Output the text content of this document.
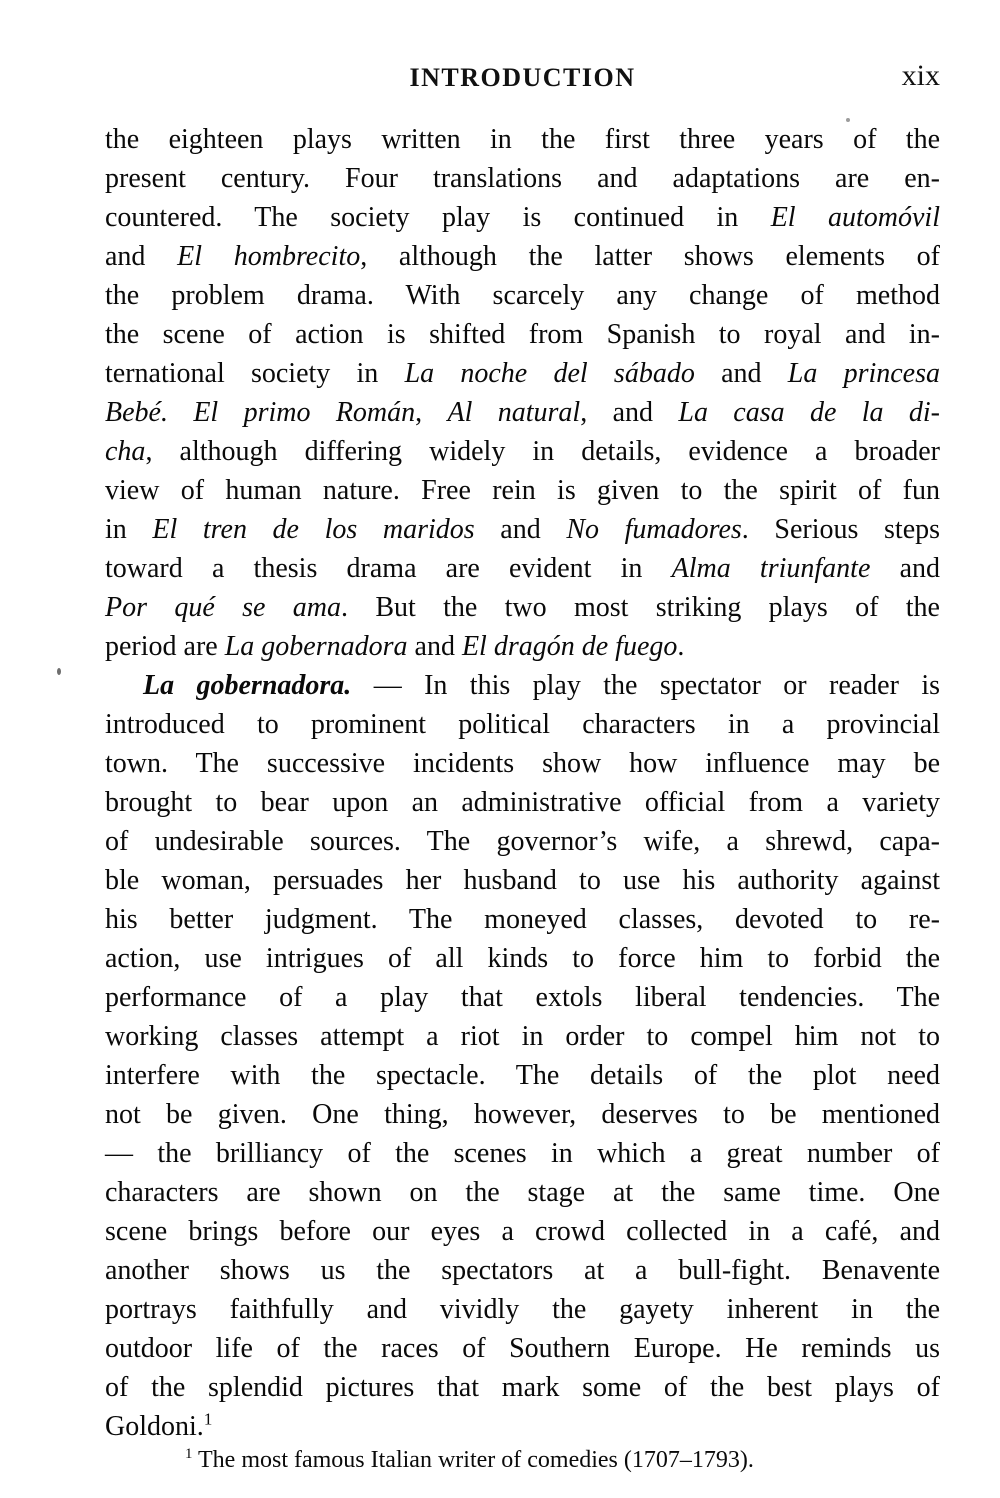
INTRODUCTION	xix
the eighteen plays written in the first three years of the
present century. Four translations and adaptations are en-
countered. The society play is continued in El automóvil
and El hombrecito, although the latter shows elements of
the problem drama. With scarcely any change of method
the scene of action is shifted from Spanish to royal and in-
ternational society in La noche del sábado and La princesa
Bebé. El primo Román, Al natural, and La casa de la di-
cha, although differing widely in details, evidence a broader
view of human nature. Free rein is given to the spirit of fun
in El tren de los maridos and No fumadores. Serious steps
toward a thesis drama are evident in Alma triunfante and
Por qué se ama. But the two most striking plays of the
period are La gobernadora and El dragón de fuego.
La gobernadora. — In this play the spectator or reader is
introduced to prominent political characters in a provincial
town. The successive incidents show how influence may be
brought to bear upon an administrative official from a variety
of undesirable sources. The governor’s wife, a shrewd, capa-
ble woman, persuades her husband to use his authority against
his better judgment. The moneyed classes, devoted to re-
action, use intrigues of all kinds to force him to forbid the
performance of a play that extols liberal tendencies. The
working classes attempt a riot in order to compel him not to
interfere with the spectacle. The details of the plot need
not be given. One thing, however, deserves to be mentioned
— the brilliancy of the scenes in which a great number of
characters are shown on the stage at the same time. One
scene brings before our eyes a crowd collected in a café, and
another shows us the spectators at a bull-fight. Benavente
portrays faithfully and vividly the gayety inherent in the
outdoor life of the races of Southern Europe. He reminds us
of the splendid pictures that mark some of the best plays of
Goldoni.$^1$
$^1$ The most famous Italian writer of comedies (1707–1793).
